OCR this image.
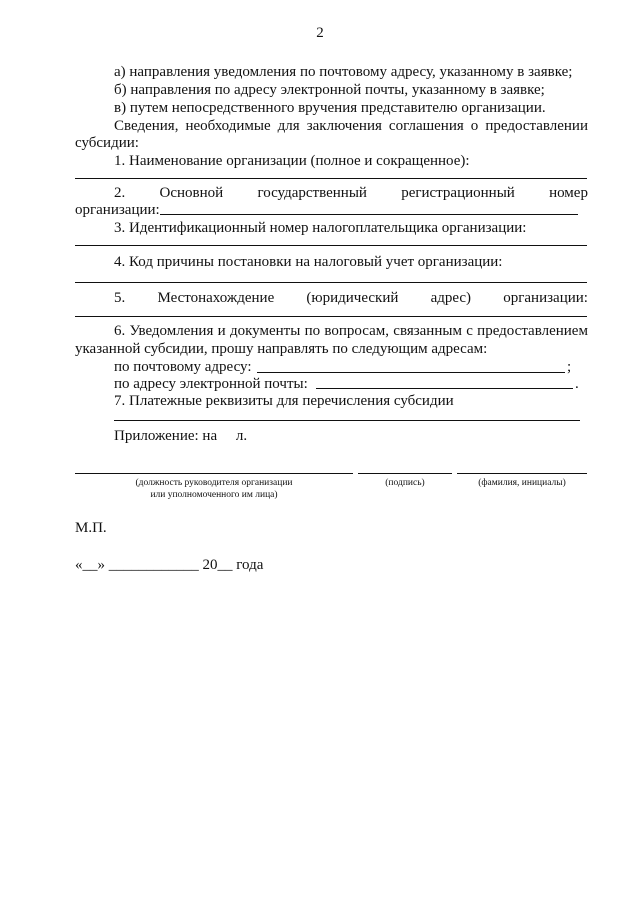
2
а) направления уведомления по почтовому адресу, указанному в заявке;
б) направления по адресу электронной почты, указанному в заявке;
в) путем непосредственного вручения представителю организации.
Сведения, необходимые для заключения соглашения о предоставлении
субсидии:
1. Наименование организации (полное и сокращенное):
2. Основной государственный регистрационный номер
организации:
3. Идентификационный номер налогоплательщика организации:
4. Код причины постановки на налоговый учет организации:
5. Местонахождение (юридический адрес) организации:
6. Уведомления и документы по вопросам, связанным с предоставлением
указанной субсидии, прошу направлять по следующим адресам:
по почтовому адресу:	;
по адресу электронной почты:	.
7. Платежные реквизиты для перечисления субсидии
Приложение: на     л.
(должность руководителя организации
или уполномоченного им лица)
(подпись)	(фамилия, инициалы)
М.П.
«__» ____________ 20__ года
